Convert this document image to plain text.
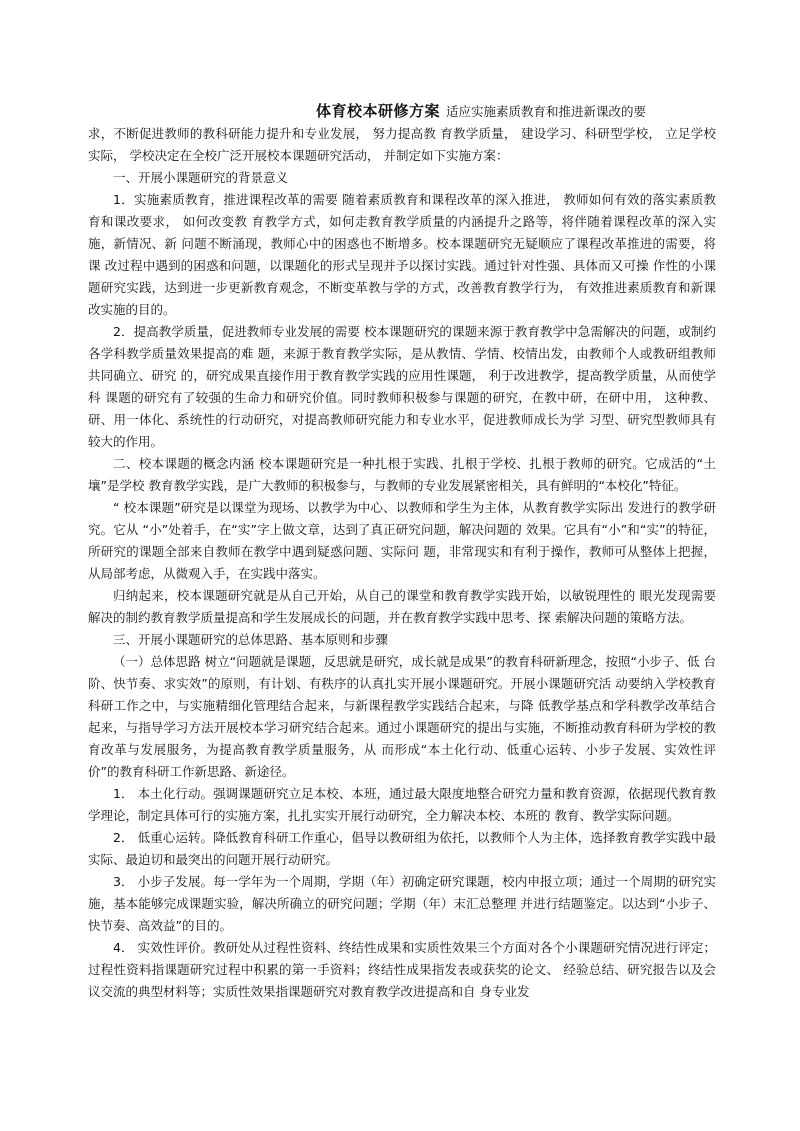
体育校本研修方案 适应实施素质教育和推进新课改的要

求，不断促进教师的教科研能力提升和专业发展， 努力提高教 育教学质量， 建设学习、科研型学校， 立足学校实际， 学校决定在全校广泛开展校本课题研究活动， 并制定如下实施方案：

一、开展小课题研究的背景意义

1．实施素质教育，推进课程改革的需要 随着素质教育和课程改革的深入推进， 教师如何有效的落实素质教育和课改要求， 如何改变教 育教学方式，如何走教育教学质量的内涵提升之路等，将伴随着课程改革的深入实施，新情况、新 问题不断涌现，教师心中的困惑也不断增多。校本课题研究无疑顺应了课程改革推进的需要，将课 改过程中遇到的困惑和问题，以课题化的形式呈现并予以探讨实践。通过针对性强、具体而又可操 作性的小课题研究实践，达到进一步更新教育观念，不断变革教与学的方式，改善教育教学行为， 有效推进素质教育和新课改实施的目的。

2．提高教学质量，促进教师专业发展的需要 校本课题研究的课题来源于教育教学中急需解决的问题，或制约各学科教学质量效果提高的难 题，来源于教育教学实际，是从教情、学情、校情出发，由教师个人或教研组教师共同确立、研究 的，研究成果直接作用于教育教学实践的应用性课题， 利于改进教学，提高教学质量，从而使学科 课题的研究有了较强的生命力和研究价值。同时教师积极参与课题的研究，在教中研，在研中用， 这种教、研、用一体化、系统性的行动研究，对提高教师研究能力和专业水平，促进教师成长为学 习型、研究型教师具有较大的作用。

二、校本课题的概念内涵 校本课题研究是一种扎根于实践、扎根于学校、扎根于教师的研究。它成活的“土壤”是学校 教育教学实践，是广大教师的积极参与，与教师的专业发展紧密相关，具有鲜明的“本校化”特征。

“ 校本课题”研究是以课堂为现场、以教学为中心、以教师和学生为主体，从教育教学实际出 发进行的教学研究。它从 “小”处着手，在“实”字上做文章，达到了真正研究问题，解决问题的 效果。它具有“小”和“实”的特征，所研究的课题全部来自教师在教学中遇到疑惑问题、实际问 题，非常现实和有利于操作，教师可从整体上把握，从局部考虑，从微观入手，在实践中落实。

归纳起来，校本课题研究就是从自己开始，从自己的课堂和教育教学实践开始，以敏锐理性的 眼光发现需要解决的制约教育教学质量提高和学生发展成长的问题，并在教育教学实践中思考、探 索解决问题的策略方法。

三、开展小课题研究的总体思路、基本原则和步骤

（一）总体思路 树立“问题就是课题，反思就是研究，成长就是成果”的教育科研新理念，按照“小步子、低 台阶、快节奏、求实效”的原则，有计划、有秩序的认真扎实开展小课题研究。开展小课题研究活 动要纳入学校教育科研工作之中，与实施精细化管理结合起来，与新课程教学实践结合起来，与降 低教学基点和学科教学改革结合起来，与指导学习方法开展校本学习研究结合起来。通过小课题研究的提出与实施，不断推动教育科研为学校的教育改革与发展服务，为提高教育教学质量服务，从 而形成“本土化行动、低重心运转、小步子发展、实效性评价”的教育科研工作新思路、新途径。

1． 本土化行动。强调课题研究立足本校、本班，通过最大限度地整合研究力量和教育资源，依据现代教育教学理论，制定具体可行的实施方案，扎扎实实开展行动研究，全力解决本校、本班的 教育、教学实际问题。

2． 低重心运转。降低教育科研工作重心，倡导以教研组为依托，以教师个人为主体，选择教育教学实践中最实际、最迫切和最突出的问题开展行动研究。

3． 小步子发展。每一学年为一个周期，学期（年）初确定研究课题，校内申报立项；通过一个周期的研究实施，基本能够完成课题实验，解决所确立的研究问题；学期（年）末汇总整理 并进行结题鉴定。以达到“小步子、快节奏、高效益”的目的。

4． 实效性评价。教研处从过程性资料、终结性成果和实质性效果三个方面对各个小课题研究情况进行评定；过程性资料指课题研究过程中积累的第一手资料；终结性成果指发表或获奖的论文、 经验总结、研究报告以及会议交流的典型材料等；实质性效果指课题研究对教育教学改进提高和自 身专业发
